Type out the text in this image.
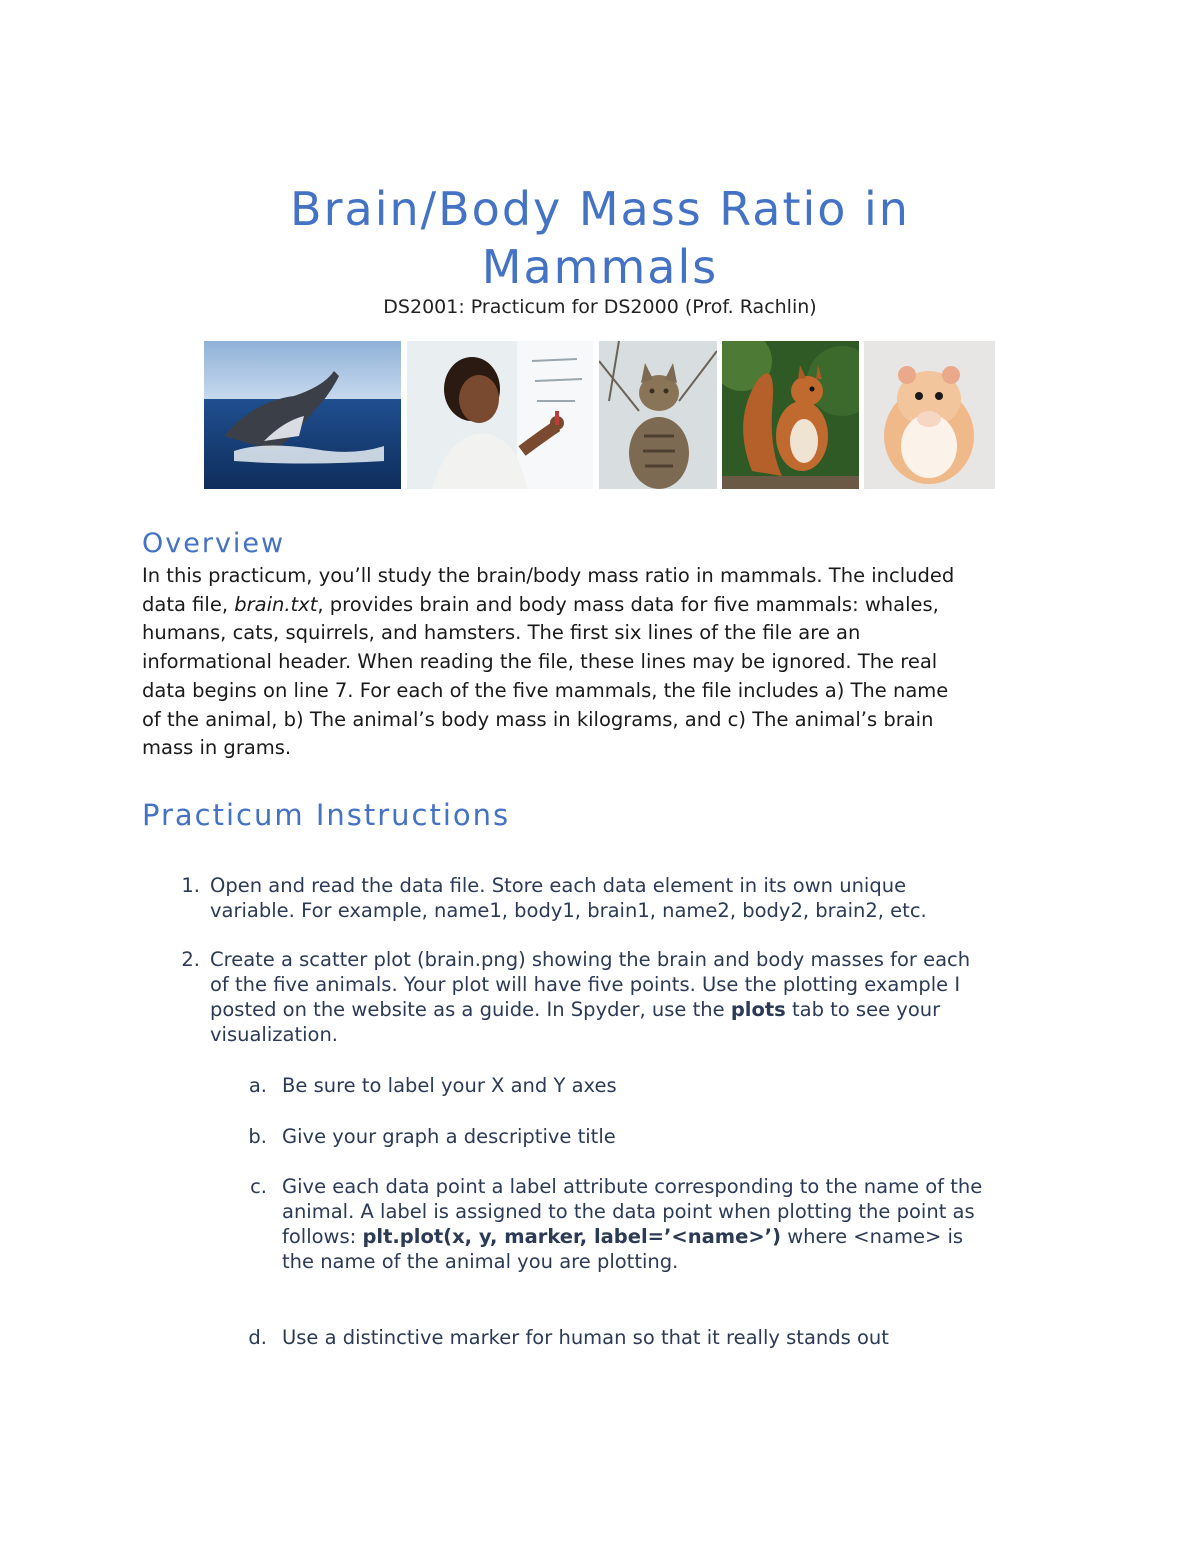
Brain/Body Mass Ratio in
Mammals
DS2001: Practicum for DS2000 (Prof. Rachlin)
Overview
In this practicum, you’ll study the brain/body mass ratio in mammals. The included
data file, brain.txt, provides brain and body mass data for five mammals: whales,
humans, cats, squirrels, and hamsters. The first six lines of the file are an
informational header. When reading the file, these lines may be ignored. The real
data begins on line 7. For each of the five mammals, the file includes a) The name
of the animal, b) The animal’s body mass in kilograms, and c) The animal’s brain
mass in grams.
Practicum Instructions
1. Open and read the data file. Store each data element in its own unique
variable. For example, name1, body1, brain1, name2, body2, brain2, etc.
2. Create a scatter plot (brain.png) showing the brain and body masses for each
of the five animals. Your plot will have five points. Use the plotting example I
posted on the website as a guide. In Spyder, use the plots tab to see your
visualization.
a. Be sure to label your X and Y axes
b. Give your graph a descriptive title
c. Give each data point a label attribute corresponding to the name of the
animal. A label is assigned to the data point when plotting the point as
follows: plt.plot(x, y, marker, label=’<name>’) where <name> is
the name of the animal you are plotting.
d. Use a distinctive marker for human so that it really stands out
